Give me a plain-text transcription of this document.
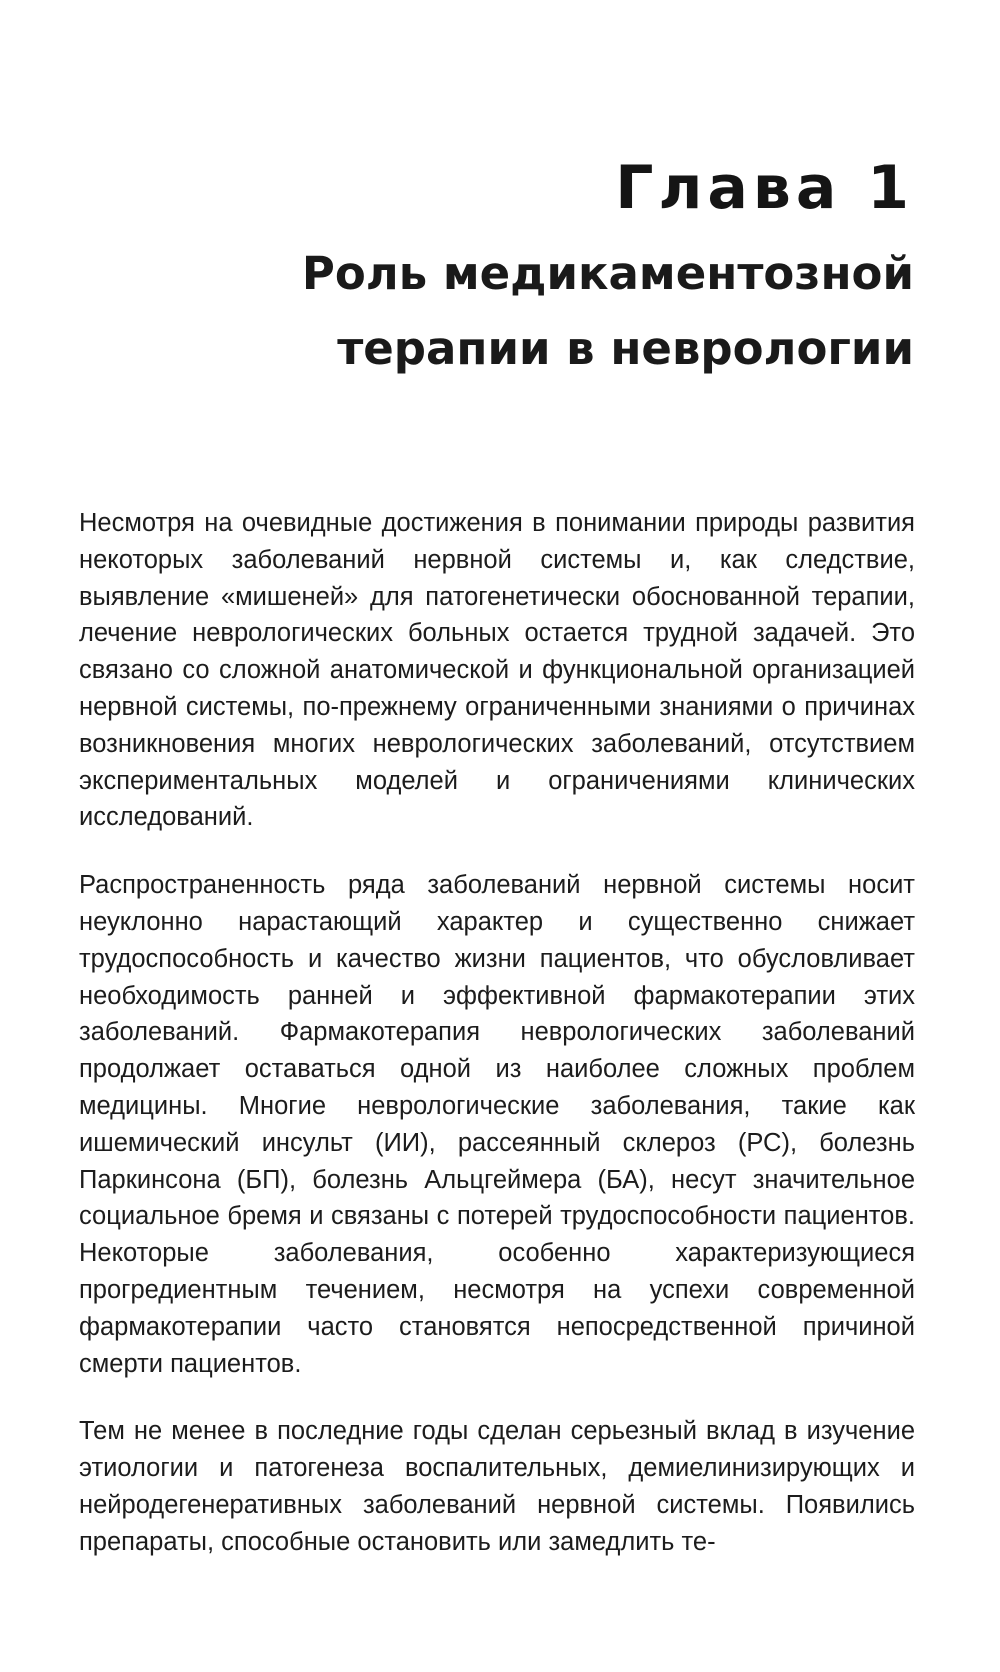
Глава 1
Роль медикаментозной
терапии в неврологии

Несмотря на очевидные достижения в понимании природы развития некоторых заболеваний нервной системы и, как следствие, выявление «мишеней» для патогенетически обоснованной терапии, лечение неврологических больных остается трудной задачей. Это связано со сложной анатомической и функциональной организацией нервной системы, по-прежнему ограниченными знаниями о причинах возникновения многих неврологических заболеваний, отсутствием экспериментальных моделей и ограничениями клинических исследований.

Распространенность ряда заболеваний нервной системы носит неуклонно нарастающий характер и существенно снижает трудоспособность и качество жизни пациентов, что обусловливает необходимость ранней и эффективной фармакотерапии этих заболеваний. Фармакотерапия неврологических заболеваний продолжает оставаться одной из наиболее сложных проблем медицины. Многие неврологические заболевания, такие как ишемический инсульт (ИИ), рассеянный склероз (РС), болезнь Паркинсона (БП), болезнь Альцгеймера (БА), несут значительное социальное бремя и связаны с потерей трудоспособности пациентов. Некоторые заболевания, особенно характеризующиеся прогредиентным течением, несмотря на успехи современной фармакотерапии часто становятся непосредственной причиной смерти пациентов.

Тем не менее в последние годы сделан серьезный вклад в изучение этиологии и патогенеза воспалительных, демиелинизирующих и нейродегенеративных заболеваний нервной системы. Появились препараты, способные остановить или замедлить те-
